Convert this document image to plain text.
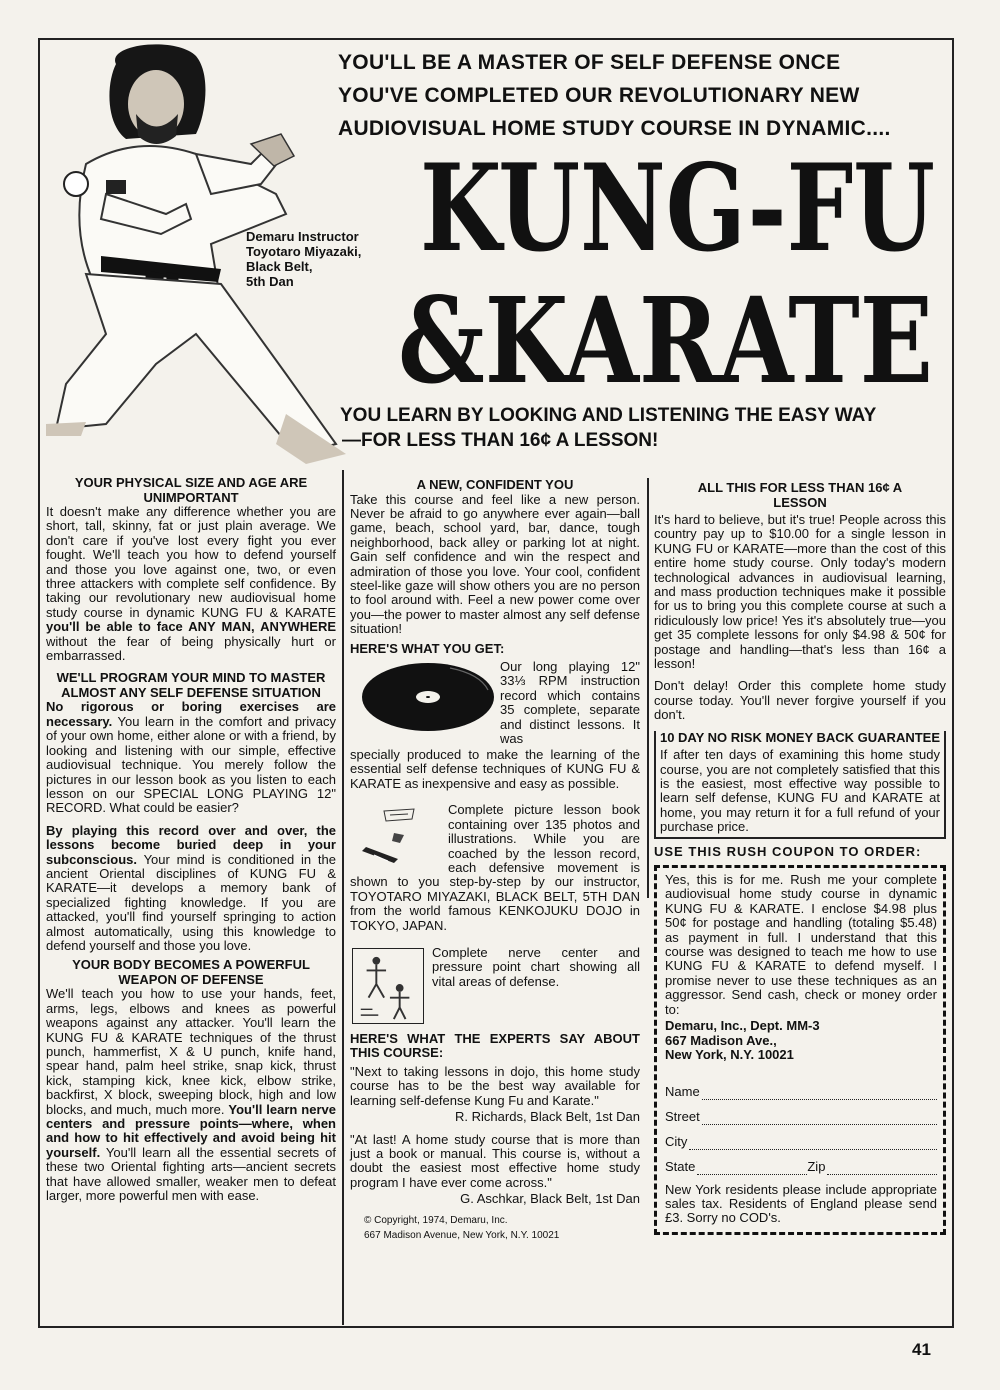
YOU'LL BE A MASTER OF SELF DEFENSE ONCE
YOU'VE COMPLETED OUR REVOLUTIONARY NEW
AUDIOVISUAL HOME STUDY COURSE IN DYNAMIC....
Demaru Instructor
Toyotaro Miyazaki,
Black Belt,
5th Dan
KUNG-FU
&KARATE
YOU LEARN BY LOOKING AND LISTENING THE EASY WAY
—FOR LESS THAN 16¢ A LESSON!
YOUR PHYSICAL SIZE AND AGE ARE UNIMPORTANT

It doesn't make any difference whether you are short, tall, skinny, fat or just plain average. We don't care if you've lost every fight you ever fought. We'll teach you how to defend yourself and those you love against one, two, or even three attackers with complete self confidence. By taking our revolutionary new audiovisual home study course in dynamic KUNG FU & KARATE you'll be able to face ANY MAN, ANYWHERE without the fear of being physically hurt or embarrassed.

WE'LL PROGRAM YOUR MIND TO MASTER ALMOST ANY SELF DEFENSE SITUATION

No rigorous or boring exercises are necessary. You learn in the comfort and privacy of your own home, either alone or with a friend, by looking and listening with our simple, effective audiovisual technique. You merely follow the pictures in our lesson book as you listen to each lesson on our SPECIAL LONG PLAYING 12" RECORD. What could be easier?

By playing this record over and over, the lessons become buried deep in your subconscious. Your mind is conditioned in the ancient Oriental disciplines of KUNG FU & KARATE—it develops a memory bank of specialized fighting knowledge. If you are attacked, you'll find yourself springing to action almost automatically, using this knowledge to defend yourself and those you love.

YOUR BODY BECOMES A POWERFUL WEAPON OF DEFENSE

We'll teach you how to use your hands, feet, arms, legs, elbows and knees as powerful weapons against any attacker. You'll learn the KUNG FU & KARATE techniques of the thrust punch, hammerfist, X & U punch, knife hand, spear hand, palm heel strike, snap kick, thrust kick, stamping kick, knee kick, elbow strike, backfirst, X block, sweeping block, high and low blocks, and much, much more. You'll learn nerve centers and pressure points—where, when and how to hit effectively and avoid being hit yourself. You'll learn all the essential secrets of these two Oriental fighting arts—ancient secrets that have allowed smaller, weaker men to defeat larger, more powerful men with ease.

A NEW, CONFIDENT YOU

Take this course and feel like a new person. Never be afraid to go anywhere ever again—ball game, beach, school yard, bar, dance, tough neighborhood, back alley or parking lot at night. Gain self confidence and win the respect and admiration of those you love. Your cool, confident steel-like gaze will show others you are no person to fool around with. Feel a new power come over you—the power to master almost any self defense situation!

HERE'S WHAT YOU GET:
Our long playing 12" 33⅓ RPM instruction record which contains 35 complete, separate and distinct lessons. It was

specially produced to make the learning of the essential self defense techniques of KUNG FU & KARATE as inexpensive and easy as possible.

Complete picture lesson book containing over 135 photos and illustrations. While you are coached by the lesson record, each defensive movement is shown to you step-by-step by our instructor, TOYOTARO MIYAZAKI, BLACK BELT, 5TH DAN from the world famous KENKOJUKU DOJO in TOKYO, JAPAN.

Complete nerve center and pressure point chart showing all vital areas of defense.

HERE'S WHAT THE EXPERTS SAY ABOUT THIS COURSE:

"Next to taking lessons in dojo, this home study course has to be the best way available for learning self-defense Kung Fu and Karate."

R. Richards, Black Belt, 1st Dan

"At last! A home study course that is more than just a book or manual. This course is, without a doubt the easiest most effective home study program I have ever come across."

G. Aschkar, Black Belt, 1st Dan

© Copyright, 1974, Demaru, Inc.
667 Madison Avenue, New York, N.Y. 10021
ALL THIS FOR LESS THAN 16¢ A LESSON

It's hard to believe, but it's true! People across this country pay up to $10.00 for a single lesson in KUNG FU or KARATE—more than the cost of this entire home study course. Only today's modern technological advances in audiovisual learning, and mass production techniques make it possible for us to bring you this complete course at such a ridiculously low price! Yes it's absolutely true—you get 35 complete lessons for only $4.98 & 50¢ for postage and handling—that's less than 16¢ a lesson!

Don't delay! Order this complete home study course today. You'll never forgive yourself if you don't.

10 DAY NO RISK MONEY BACK GUARANTEE
If after ten days of examining this home study course, you are not completely satisfied that this is the easiest, most effective way possible to learn self defense, KUNG FU and KARATE at home, you may return it for a full refund of your purchase price.
USE THIS RUSH COUPON TO ORDER:
Yes, this is for me. Rush me your complete audiovisual home study course in dynamic KUNG FU & KARATE. I enclose $4.98 plus 50¢ for postage and handling (totaling $5.48) as payment in full. I understand that this course was designed to teach me how to use KUNG FU & KARATE to defend myself. I promise never to use these techniques as an aggressor. Send cash, check or money order to:
Demaru, Inc., Dept. MM-3
667 Madison Ave.,
New York, N.Y. 10021
Name
Street
City
State	Zip
New York residents please include appropriate sales tax. Residents of England please send £3. Sorry no COD's.
41
